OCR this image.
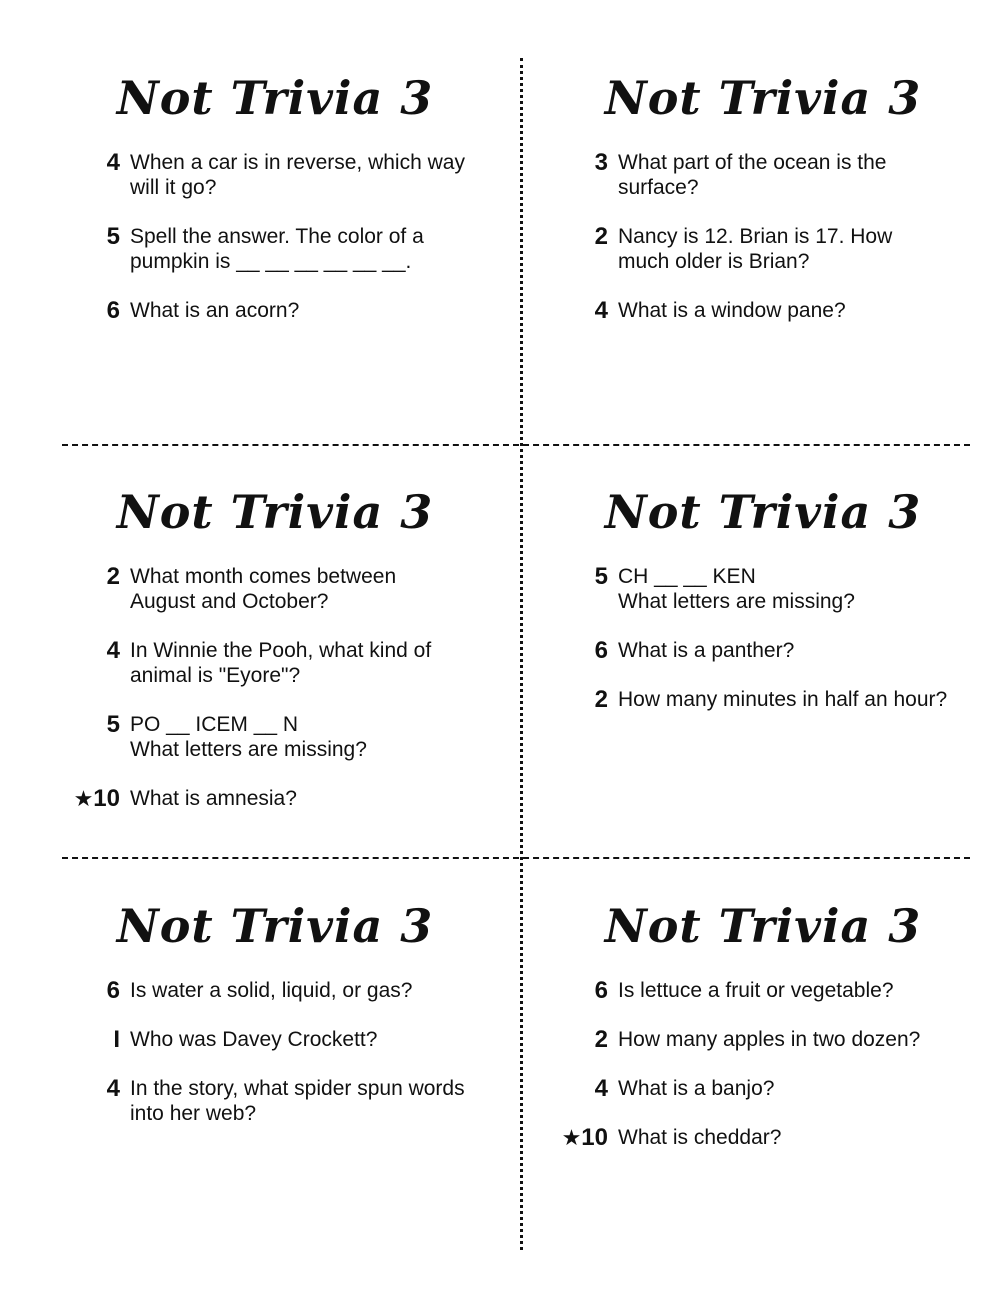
Not Trivia 3
4 When a car is in reverse, which way
will it go?
5 Spell the answer. The color of a
pumpkin is __ __ __ __ __ __.
6 What is an acorn?
Not Trivia 3
3 What part of the ocean is the
surface?
2 Nancy is 12. Brian is 17. How
much older is Brian?
4 What is a window pane?
Not Trivia 3
2 What month comes between
August and October?
4 In Winnie the Pooh, what kind of
animal is "Eyore"?
5 PO __ ICEM __ N
What letters are missing?
★10 What is amnesia?
Not Trivia 3
5 CH __ __ KEN
What letters are missing?
6 What is a panther?
2 How many minutes in half an hour?
Not Trivia 3
6 Is water a solid, liquid, or gas?
I Who was Davey Crockett?
4 In the story, what spider spun words
into her web?
Not Trivia 3
6 Is lettuce a fruit or vegetable?
2 How many apples in two dozen?
4 What is a banjo?
★10 What is cheddar?
